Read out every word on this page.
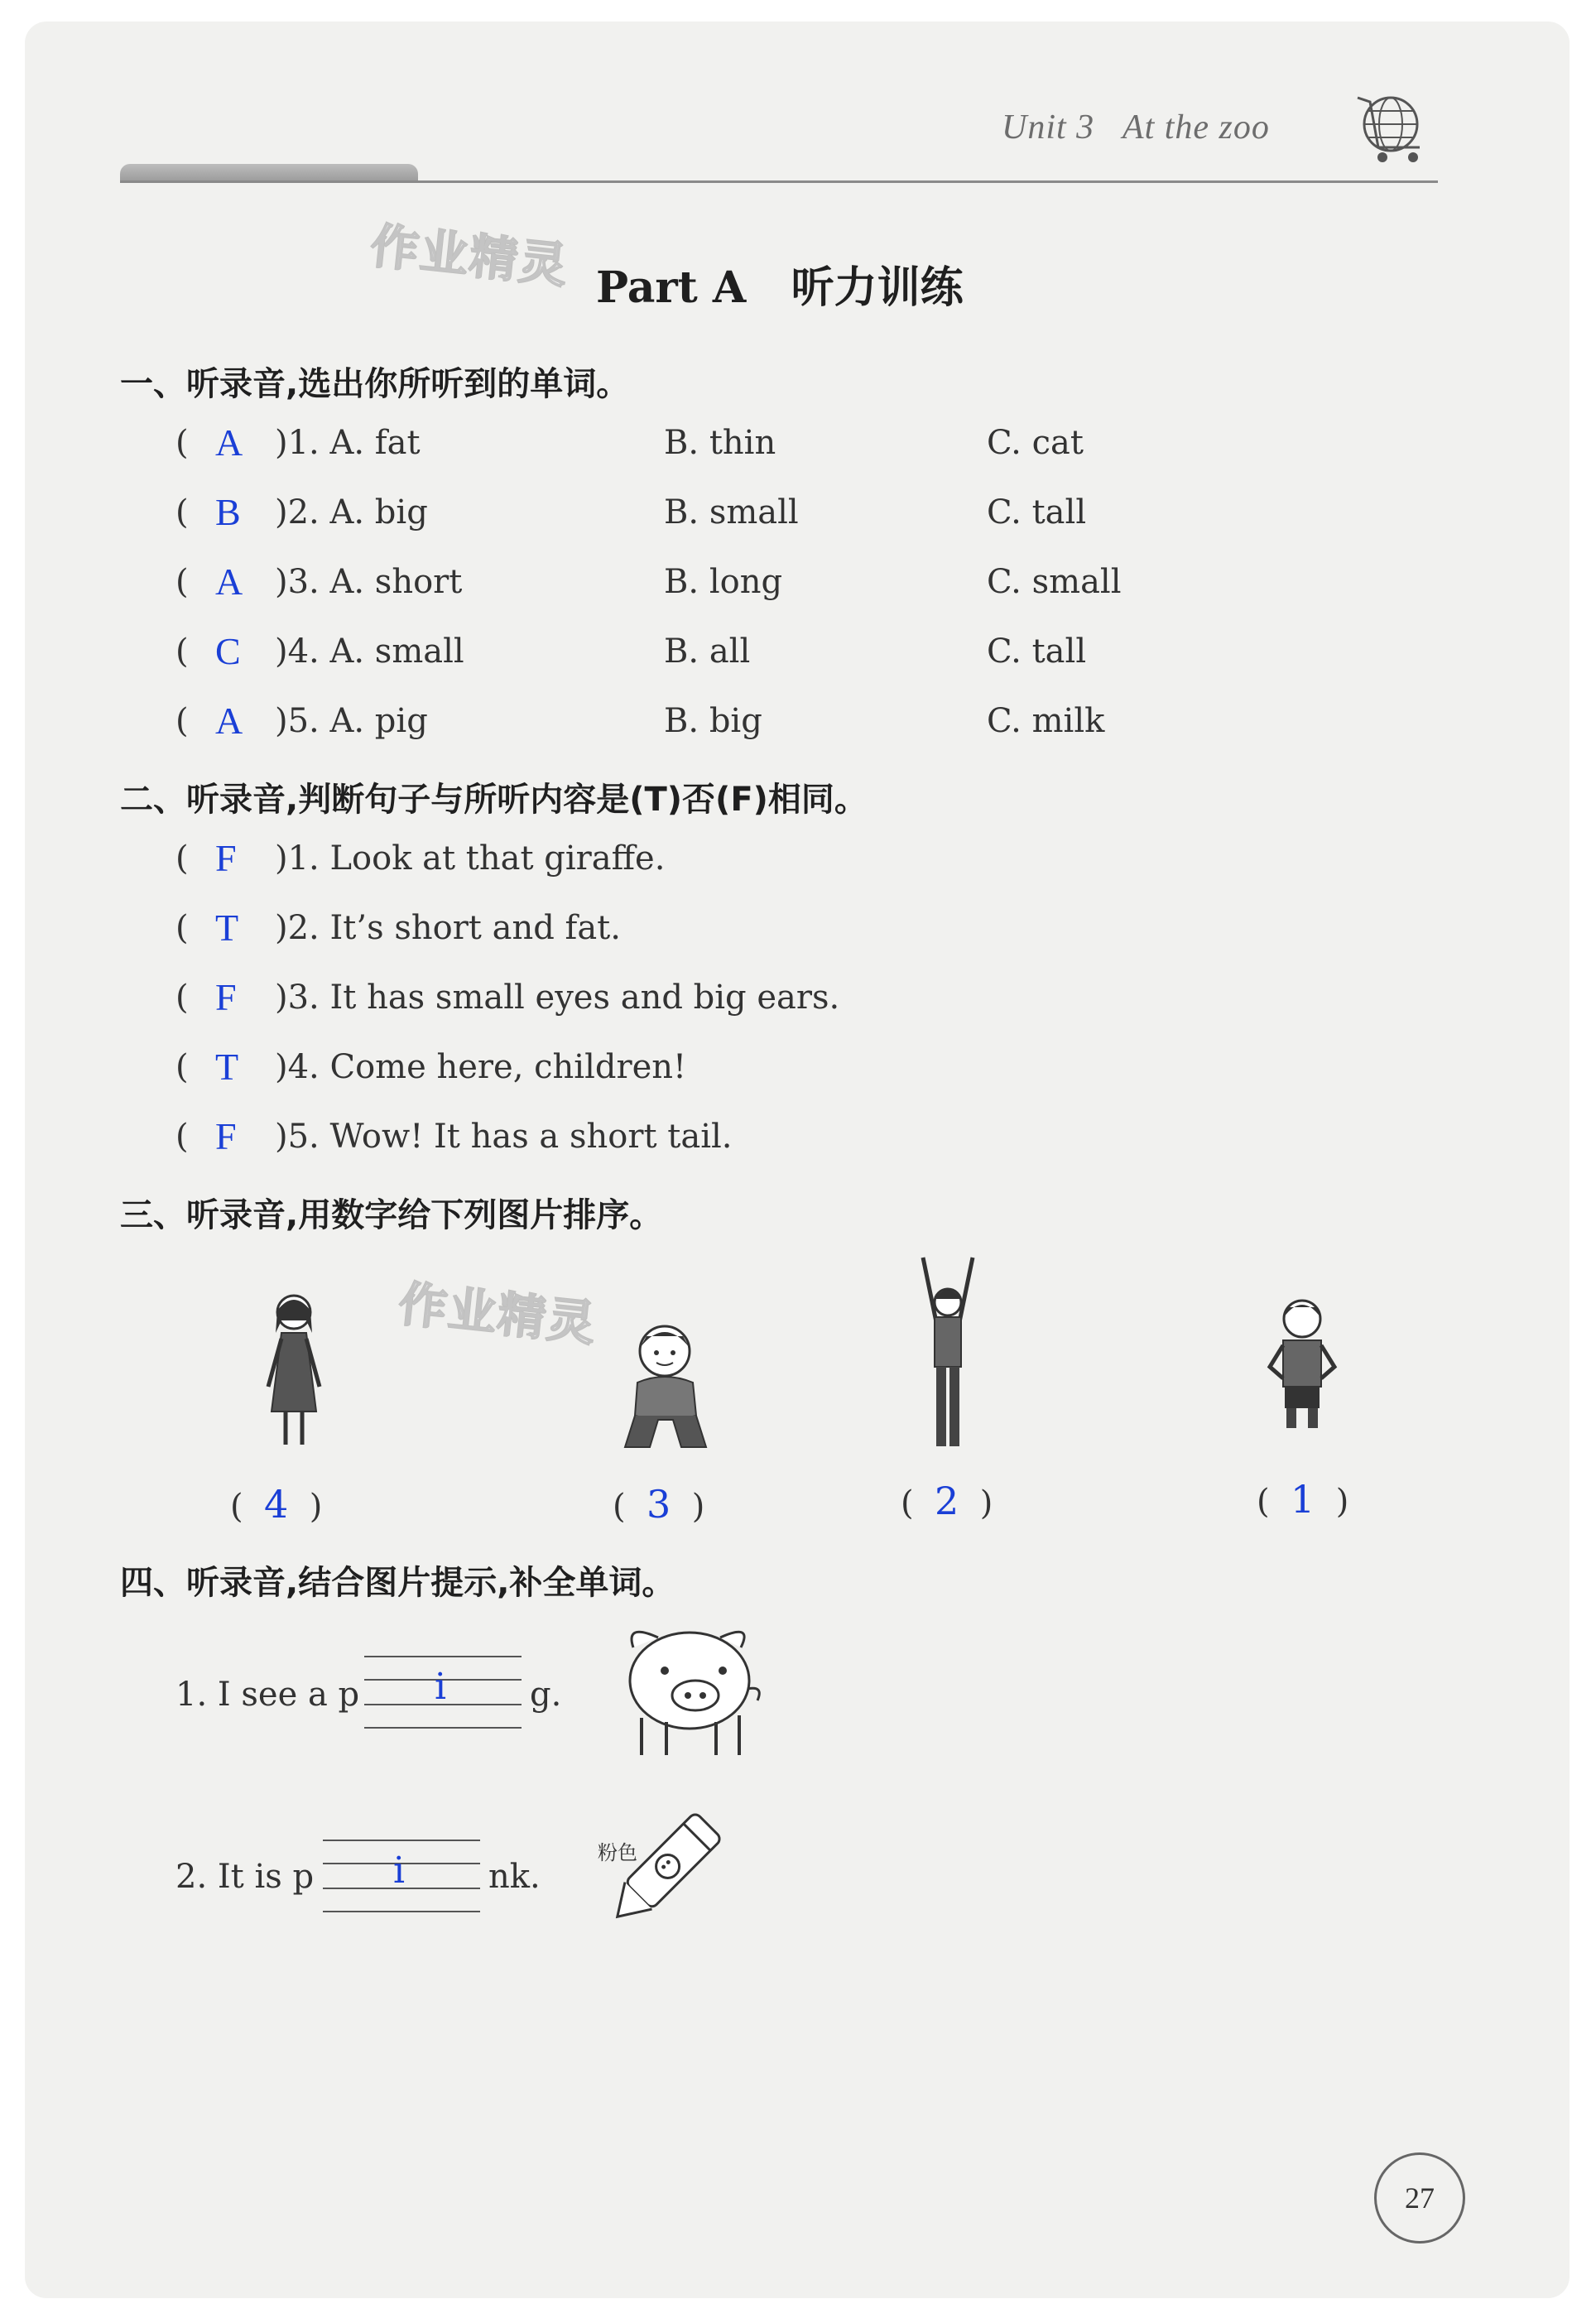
Unit 3 At the zoo
作业精灵
作业精灵
Part A   听力训练
一、听录音,选出你所听到的单词。
( A )1. A. fat	B. thin	C. cat
( B )2. A. big	B. small	C. tall
( A )3. A. short	B. long	C. small
( C )4. A. small	B. all	C. tall
( A )5. A. pig	B. big	C. milk
二、听录音,判断句子与所听内容是(T)否(F)相同。
( F )1. Look at that giraffe.
( T )2. It’s short and fat.
( F )3. It has small eyes and big ears.
( T )4. Come here, children!
( F )5. Wow! It has a short tail.
三、听录音,用数字给下列图片排序。
(  4  )	(  3  )	(  2  )	(  1  )
四、听录音,结合图片提示,补全单词。
1. I see a p i	g.
2. It is p i	nk.
粉色
27
